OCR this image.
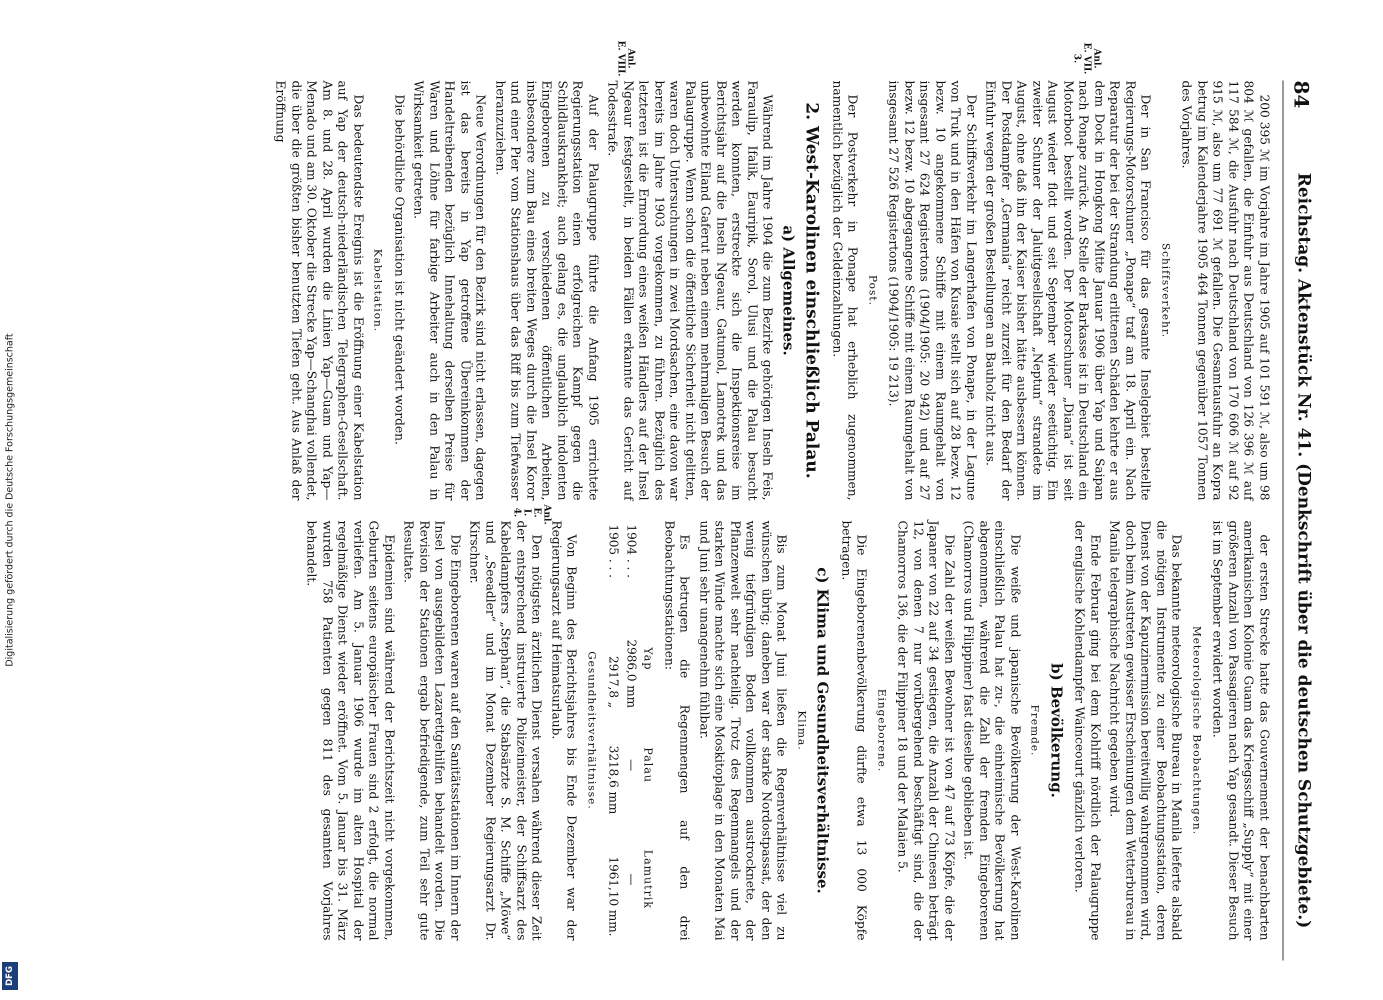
Digitalisierung gefördert durch die Deutsche Forschungsgemeinschaft
DFG
84
Reichstag. Aktenstück Nr. 41. (Denkschrift über die deutschen Schutzgebiete.)
Anl.
E. VII. 3.
Anl.
E. VIII.
Anl.
E. I. 4.

200 395 ℳ im Vorjahre im Jahre 1905 auf 101 591 ℳ, also um 98 804 ℳ gefallen, die Einfuhr aus Deutschland von 126 396 ℳ auf 117 584 ℳ, die Ausfuhr nach Deutschland von 170 606 ℳ auf 92 915 ℳ, also um 77 691 ℳ gefallen. Die Gesamtausfuhr an Kopra betrug im Kalenderjahre 1905 464 Tonnen gegenüber 1057 Tonnen des Vorjahres.

Schiffsverkehr.

Der in San Francisco für das gesamte Inselgebiet bestellte Regierungs-Motorschuner „Ponape“ traf am 18. April ein. Nach Reparatur der bei der Strandung erlittenen Schäden kehrte er aus dem Dock in Hongkong Mitte Januar 1906 über Yap und Saipan nach Ponape zurück. An Stelle der Barkasse ist in Deutschland ein Motorboot bestellt worden. Der Motorschuner „Diana“ ist seit August wieder flott und seit September wieder seetüchtig. Ein zweiter Schuner der Jaluitgesellschaft „Neptun“ strandete im August, ohne daß ihn der Kaiser bisher hätte ausbessern können. Der Postdampfer „Germania“ reicht zurzeit für den Bedarf der Einfuhr wegen der großen Bestellungen an Bauholz nicht aus.

Der Schiffsverkehr im Langerhafen von Ponape, in der Lagune von Truk und in den Häfen von Kusaie stellt sich auf 28 bezw. 12 bezw. 10 angekommene Schiffe mit einem Raumgehalt von insgesamt 27 624 Registertons (1904/1905: 20 942) und auf 27 bezw. 12 bezw. 10 abgegangene Schiffe mit einem Raumgehalt von insgesamt 27 526 Registertons (1904/1905: 19 213).

Post.

Der Postverkehr in Ponape hat erheblich zugenommen, namentlich bezüglich der Geldeinzahlungen.

2. West-Karolinen einschließlich Palau.
a) Allgemeines.

Während im Jahre 1904 die zum Bezirke gehörigen Inseln Feis, Faraulip, Ifalik, Eauripik, Sorol, Ulusi und die Palau besucht werden konnten, erstreckte sich die Inspektionsreise im Berichtsjahr auf die Inseln Ngeaur, Gatumol, Lamotrek und das unbewohnte Eiland Gaferut neben einem mehrmaligen Besuch der Palaugruppe. Wenn schon die öffentliche Sicherheit nicht gelitten, waren doch Untersuchungen in zwei Mordsachen, eine davon war bereits im Jahre 1903 vorgekommen, zu führen. Bezüglich des letzteren ist die Ermordung eines weißen Händlers auf der Insel Ngeaur festgestellt, in beiden Fällen erkannte das Gericht auf Todesstrafe.

Auf der Palaugruppe führte die Anfang 1905 errichtete Regierungsstation einen erfolgreichen Kampf gegen die Schildlauskrankheit; auch gelang es, die unglaublich indolenten Eingeborenen zu verschiedenen öffentlichen Arbeiten, insbesondere zum Bau eines breiten Weges durch die Insel Koror und einer Pier vom Stationshaus über das Riff bis zum Tiefwasser heranzuziehen.

Neue Verordnungen für den Bezirk sind nicht erlassen, dagegen ist das bereits in Yap getroffene Übereinkommen der Handeltreibenden bezüglich Innehaltung derselben Preise für Waren und Löhne für farbige Arbeiter auch in den Palau in Wirksamkeit getreten.

Die behördliche Organisation ist nicht geändert worden.

Kabelstation.

Das bedeutendste Ereignis ist die Eröffnung einer Kabelstation auf Yap der deutsch-niederländischen Telegraphen-Gesellschaft. Am 8. und 28. April wurden die Linien Yap—Guam und Yap—Menado und am 30. Oktober die Strecke Yap—Schanghai vollendet, die über die größten bisher benutzten Tiefen geht. Aus Anlaß der Eröffnung

der ersten Strecke hatte das Gouvernement der benachbarten amerikanischen Kolonie Guam das Kriegsschiff „Supply“ mit einer größeren Anzahl von Passagieren nach Yap gesandt. Dieser Besuch ist im September erwidert worden.

Meteorologische Beobachtungen.

Das bekannte meteorologische Bureau in Manila lieferte alsbald die nötigen Instrumente zu einer Beobachtungsstation, deren Dienst von der Kapuzinermission bereitwillig wahrgenommen wird, doch beim Austreten gewisser Erscheinungen dem Wetterbureau in Manila telegraphische Nachricht gegeben wird.

Ende Februar ging bei dem Kohlriff nördlich der Palaugruppe der englische Kohlendampfer Wainceourt gänzlich verloren.

b) Bevölkerung.
Fremde.

Die weiße und japanische Bevölkerung der West-Karolinen einschließlich Palau hat zu-, die einheimische Bevölkerung hat abgenommen, während die Zahl der fremden Eingeborenen (Chamorros und Filippiner) fast dieselbe geblieben ist.

Die Zahl der weißen Bewohner ist von 47 auf 73 Köpfe, die der Japaner von 22 auf 34 gestiegen, die Anzahl der Chinesen beträgt 12, von denen 7 nur vorübergehend beschäftigt sind, die der Chamorros 136, die der Filippiner 18 und der Malaien 5.

Eingeborene.

Die Eingeborenenbevölkerung dürfte etwa 13 000 Köpfe betragen.

c) Klima und Gesundheitsverhältnisse.
Klima.

Bis zum Monat Juni ließen die Regenverhältnisse viel zu wünschen übrig; daneben war der starke Nordostpassat, der den wenig tiefgründigen Boden vollkommen austrocknete, der Pflanzenwelt sehr nachteilig. Trotz des Regenmangels und der starken Winde machte sich eine Moskitoplage in den Monaten Mai und Juni sehr unangenehm fühlbar.

Es betrugen die Regenmengen auf den drei Beobachtungsstationen:

	Yap	Palau	Lamutrik
1904 . . .	2986,0 mm	—	—
1905 . . .	2917,8 „	3218,6 mm	1961,10 mm.
Gesundheitsverhältnisse.

Von Beginn des Berichtsjahres bis Ende Dezember war der Regierungsarzt auf Heimatsurlaub.

Den nötigsten ärztlichen Dienst versahen während dieser Zeit der entsprechend instruierte Polizeimeister, der Schiffsarzt des Kabeldampfers „Stephan“, die Stabsärzte S. M. Schiffe „Möwe“ und „Seeadler“ und im Monat Dezember Regierungsarzt Dr. Kirschner.

Die Eingeborenen waren auf den Sanitätsstationen im Innern der Insel von ausgebildeten Lazarettgehilfen behandelt worden. Die Revision der Stationen ergab befriedigende, zum Teil sehr gute Resultate.

Epidemien sind während der Berichtszeit nicht vorgekommen, Geburten seitens europäischer Frauen sind 2 erfolgt, die normal verliefen. Am 5. Januar 1906 wurde im alten Hospital der regelmäßige Dienst wieder eröffnet. Vom 5. Januar bis 31. März wurden 758 Patienten gegen 811 des gesamten Vorjahres behandelt.
